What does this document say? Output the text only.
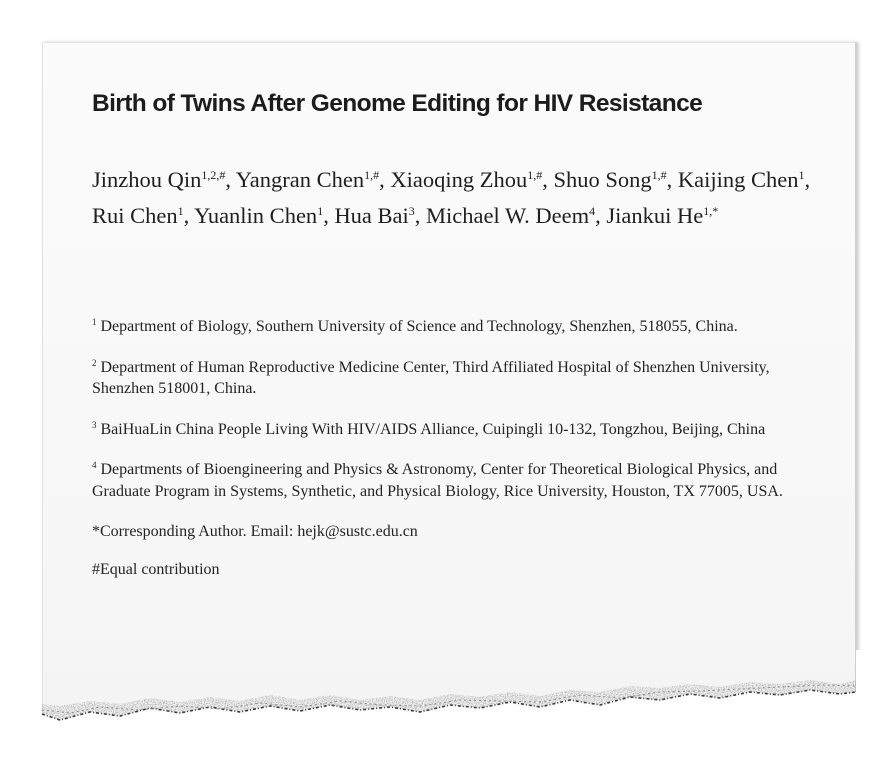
Birth of Twins After Genome Editing for HIV Resistance

Jinzhou Qin$^{1,2,\#}$, Yangran Chen$^{1,\#}$, Xiaoqing Zhou$^{1,\#}$, Shuo Song$^{1,\#}$, Kaijing Chen$^1$, Rui Chen$^1$, Yuanlin Chen$^1$, Hua Bai$^3$, Michael W. Deem$^4$, Jiankui $He^{1,*}$

$^1$ Department of Biology, Southern University of Science and Technology, Shenzhen, 518055, China.

$^2$ Department of Human Reproductive Medicine Center, Third Affiliated Hospital of Shenzhen University, Shenzhen 518001, China.

$^3$ BaiHuaLin China People Living With HIV/AIDS Alliance, Cuipingli 10-132, Tongzhou, Beijing, China

$^4$ Departments of Bioengineering and Physics & Astronomy, Center for Theoretical Biological Physics, and Graduate Program in Systems, Synthetic, and Physical Biology, Rice University, Houston, TX 77005, USA.

*Corresponding Author. Email: hejk@sustc.edu.cn

#Equal contribution
